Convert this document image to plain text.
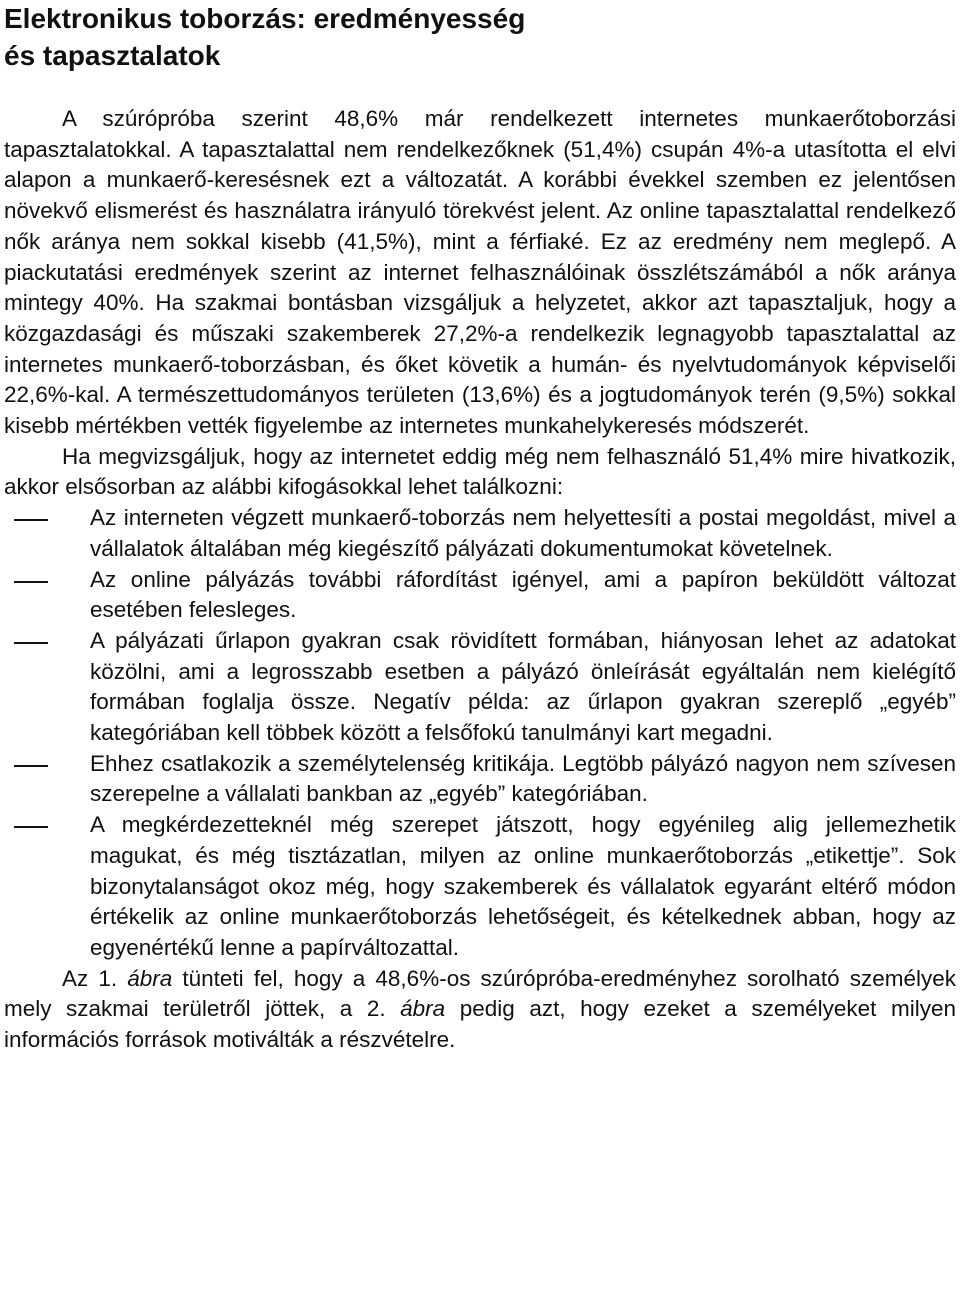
Elektronikus toborzás: eredményesség
és tapasztalatok

A szúrópróba szerint 48,6% már rendelkezett internetes munkaerőtoborzási tapasztalatokkal. A tapasztalattal nem rendelkezőknek (51,4%) csupán 4%-a utasította el elvi alapon a munkaerő-keresésnek ezt a változatát. A korábbi évekkel szemben ez jelentősen növekvő elismerést és használatra irányuló törekvést jelent. Az online tapasztalattal rendelkező nők aránya nem sokkal kisebb (41,5%), mint a férfiaké. Ez az eredmény nem meglepő. A piackutatási eredmények szerint az internet felhasználóinak összlétszámából a nők aránya mintegy 40%. Ha szakmai bontásban vizsgáljuk a helyzetet, akkor azt tapasztaljuk, hogy a közgazdasági és műszaki szakemberek 27,2%-a rendelkezik legnagyobb tapasztalattal az internetes munkaerő-toborzásban, és őket követik a humán- és nyelvtudományok képviselői 22,6%-kal. A természettudományos területen (13,6%) és a jogtudományok terén (9,5%) sokkal kisebb mértékben vették figyelembe az internetes munkahelykeresés módszerét.

Ha megvizsgáljuk, hogy az internetet eddig még nem felhasználó 51,4% mire hivatkozik, akkor elsősorban az alábbi kifogásokkal lehet találkozni:

Az interneten végzett munkaerő-toborzás nem helyettesíti a postai megoldást, mivel a vállalatok általában még kiegészítő pályázati dokumentumokat követelnek.
Az online pályázás további ráfordítást igényel, ami a papíron beküldött változat esetében felesleges.
A pályázati űrlapon gyakran csak rövidített formában, hiányosan lehet az adatokat közölni, ami a legrosszabb esetben a pályázó önleírását egyáltalán nem kielégítő formában foglalja össze. Negatív példa: az űrlapon gyakran szereplő „egyéb” kategóriában kell többek között a felsőfokú tanulmányi kart megadni.
Ehhez csatlakozik a személytelenség kritikája. Legtöbb pályázó nagyon nem szívesen szerepelne a vállalati bankban az „egyéb” kategóriában.
A megkérdezetteknél még szerepet játszott, hogy egyénileg alig jellemezhetik magukat, és még tisztázatlan, milyen az online munkaerőtoborzás „etikettje”. Sok bizonytalanságot okoz még, hogy szakemberek és vállalatok egyaránt eltérő módon értékelik az online munkaerőtoborzás lehetőségeit, és kételkednek abban, hogy az egyenértékű lenne a papírváltozattal.

Az 1. ábra tünteti fel, hogy a 48,6%-os szúrópróba-eredményhez sorolható személyek mely szakmai területről jöttek, a 2. ábra pedig azt, hogy ezeket a személyeket milyen információs források motiválták a részvételre.
